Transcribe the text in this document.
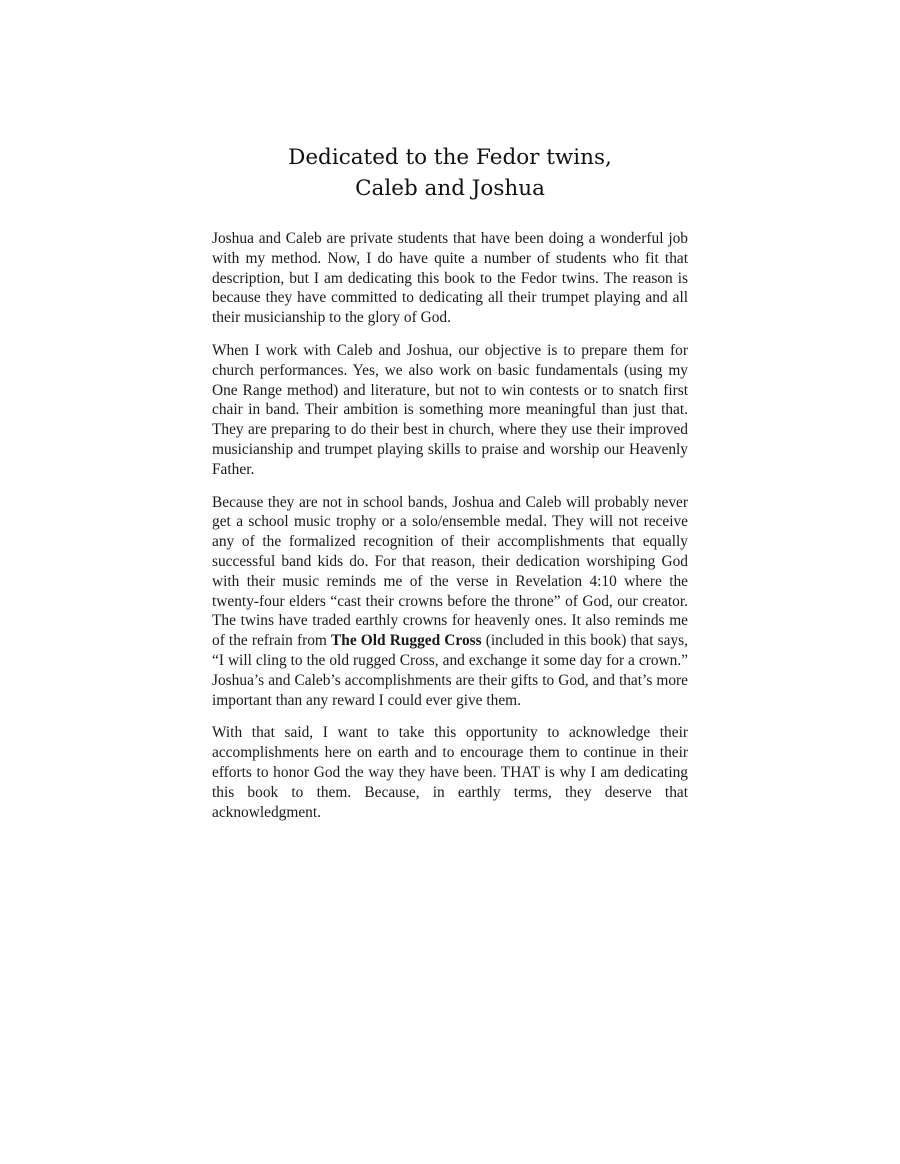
Dedicated to the Fedor twins,
Caleb and Joshua

Joshua and Caleb are private students that have been doing a wonderful job with my method. Now, I do have quite a number of students who fit that description, but I am dedicating this book to the Fedor twins. The reason is because they have committed to dedicating all their trumpet playing and all their musicianship to the glory of God.

When I work with Caleb and Joshua, our objective is to prepare them for church performances. Yes, we also work on basic fundamentals (using my One Range method) and literature, but not to win contests or to snatch first chair in band. Their ambition is something more meaningful than just that. They are preparing to do their best in church, where they use their improved musicianship and trumpet playing skills to praise and worship our Heavenly Father.

Because they are not in school bands, Joshua and Caleb will probably never get a school music trophy or a solo/ensemble medal. They will not receive any of the formalized recognition of their accomplishments that equally successful band kids do. For that reason, their dedication worshiping God with their music reminds me of the verse in Revelation 4:10 where the twenty-four elders “cast their crowns before the throne” of God, our creator. The twins have traded earthly crowns for heavenly ones. It also reminds me of the refrain from The Old Rugged Cross (included in this book) that says, “I will cling to the old rugged Cross, and exchange it some day for a crown.” Joshua’s and Caleb’s accomplishments are their gifts to God, and that’s more important than any reward I could ever give them.

With that said, I want to take this opportunity to acknowledge their accomplishments here on earth and to encourage them to continue in their efforts to honor God the way they have been. THAT is why I am dedicating this book to them. Because, in earthly terms, they deserve that acknowledgment.
